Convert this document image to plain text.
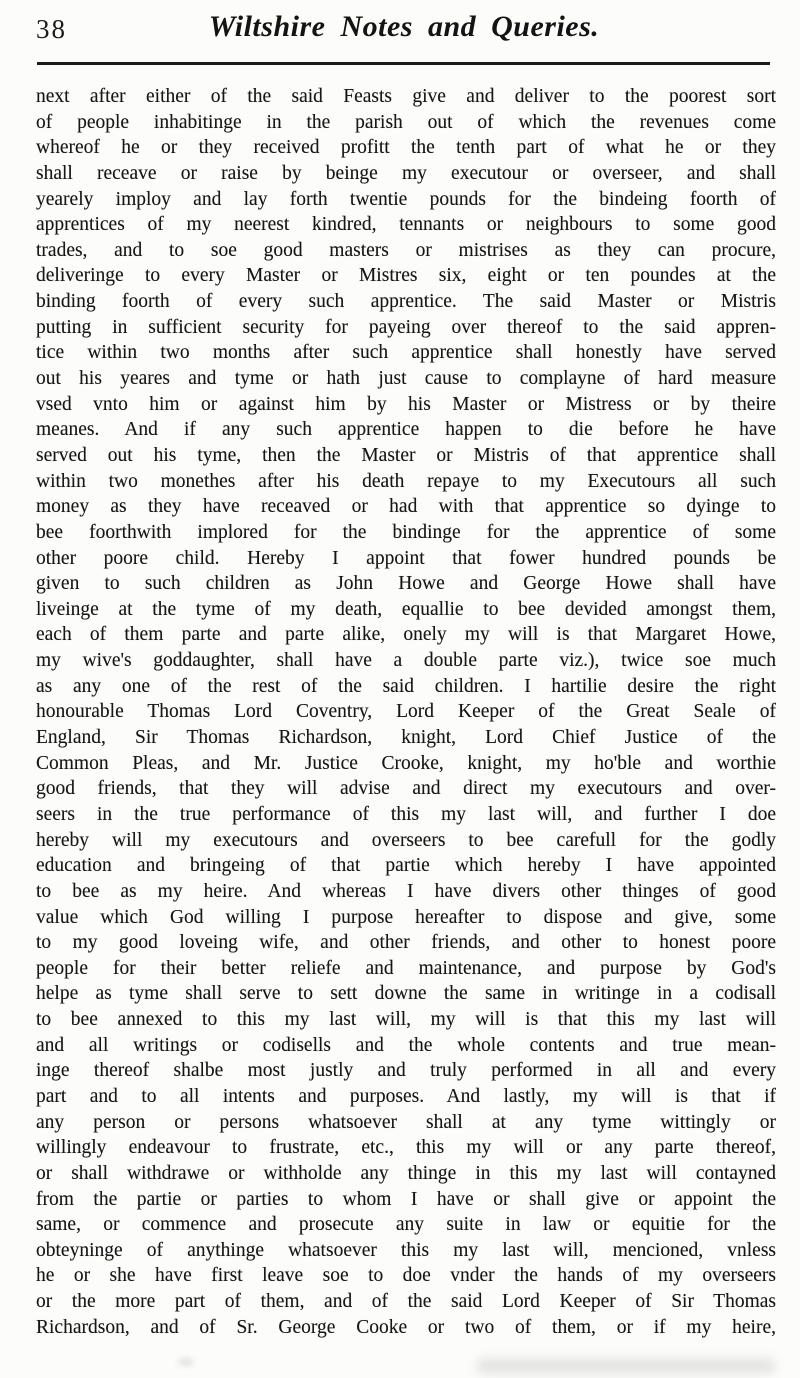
38	Wiltshire Notes and Queries.
next after either of the said Feasts give and deliver to the poorest sort
of people inhabitinge in the parish out of which the revenues come
whereof he or they received profitt the tenth part of what he or they
shall receave or raise by beinge my executour or overseer, and shall
yearely imploy and lay forth twentie pounds for the bindeing foorth of
apprentices of my neerest kindred, tennants or neighbours to some good
trades, and to soe good masters or mistrises as they can procure,
deliveringe to every Master or Mistres six, eight or ten poundes at the
binding foorth of every such apprentice. The said Master or Mistris
putting in sufficient security for payeing over thereof to the said appren-
tice within two months after such apprentice shall honestly have served
out his yeares and tyme or hath just cause to complayne of hard measure
vsed vnto him or against him by his Master or Mistress or by theire
meanes. And if any such apprentice happen to die before he have
served out his tyme, then the Master or Mistris of that apprentice shall
within two monethes after his death repaye to my Executours all such
money as they have receaved or had with that apprentice so dyinge to
bee foorthwith implored for the bindinge for the apprentice of some
other poore child. Hereby I appoint that fower hundred pounds be
given to such children as John Howe and George Howe shall have
liveinge at the tyme of my death, equallie to bee devided amongst them,
each of them parte and parte alike, onely my will is that Margaret Howe,
my wive's goddaughter, shall have a double parte viz.), twice soe much
as any one of the rest of the said children. I hartilie desire the right
honourable Thomas Lord Coventry, Lord Keeper of the Great Seale of
England, Sir Thomas Richardson, knight, Lord Chief Justice of the
Common Pleas, and Mr. Justice Crooke, knight, my ho'ble and worthie
good friends, that they will advise and direct my executours and over-
seers in the true performance of this my last will, and further I doe
hereby will my executours and overseers to bee carefull for the godly
education and bringeing of that partie which hereby I have appointed
to bee as my heire. And whereas I have divers other thinges of good
value which God willing I purpose hereafter to dispose and give, some
to my good loveing wife, and other friends, and other to honest poore
people for their better reliefe and maintenance, and purpose by God's
helpe as tyme shall serve to sett downe the same in writinge in a codisall
to bee annexed to this my last will, my will is that this my last will
and all writings or codisells and the whole contents and true mean-
inge thereof shalbe most justly and truly performed in all and every
part and to all intents and purposes. And lastly, my will is that if
any person or persons whatsoever shall at any tyme wittingly or
willingly endeavour to frustrate, etc., this my will or any parte thereof,
or shall withdrawe or withholde any thinge in this my last will contayned
from the partie or parties to whom I have or shall give or appoint the
same, or commence and prosecute any suite in law or equitie for the
obteyninge of anythinge whatsoever this my last will, mencioned, vnless
he or she have first leave soe to doe vnder the hands of my overseers
or the more part of them, and of the said Lord Keeper of Sir Thomas
Richardson, and of Sr. George Cooke or two of them, or if my heire,
